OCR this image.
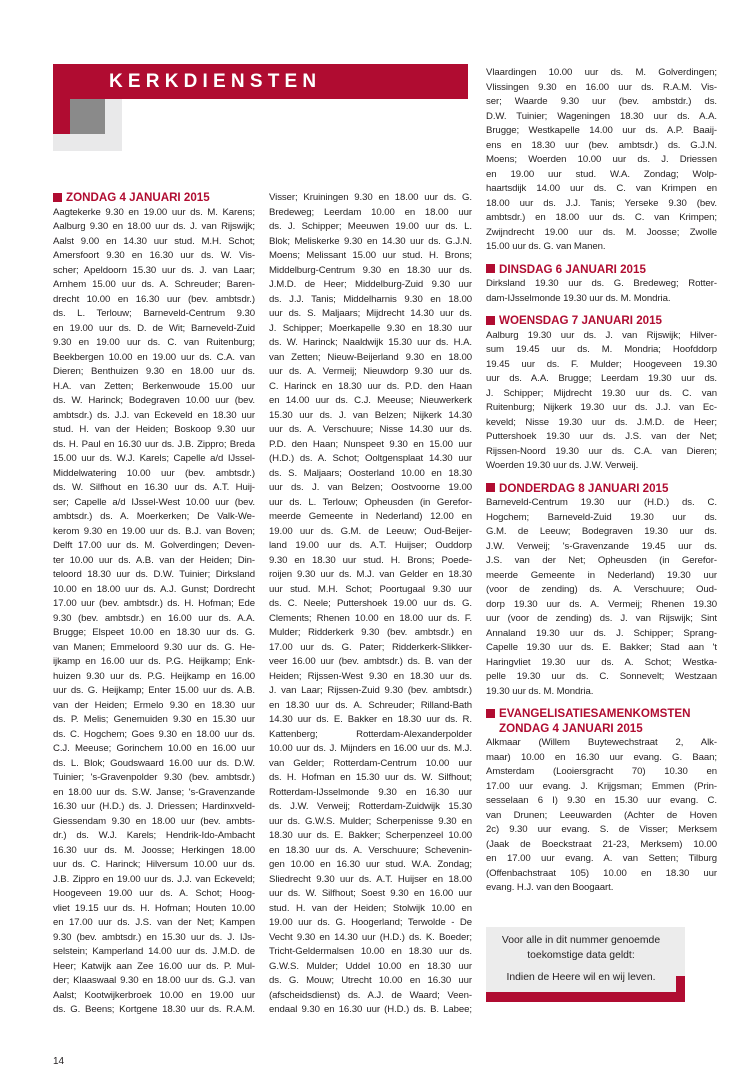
KERKDIENSTEN
ZONDAG 4 JANUARI 2015
Aagtekerke 9.30 en 19.00 uur ds. M. Karens;
Aalburg 9.30 en 18.00 uur ds. J. van Rijswijk;
Aalst 9.00 en 14.30 uur stud. M.H. Schot;
Amersfoort 9.30 en 16.30 uur ds. W. Vis-
scher; Apeldoorn 15.30 uur ds. J. van Laar;
Arnhem 15.00 uur ds. A. Schreuder; Baren-
drecht 10.00 en 16.30 uur (bev. ambtsdr.)
ds. L. Terlouw; Barneveld-Centrum 9.30
en 19.00 uur ds. D. de Wit; Barneveld-Zuid
9.30 en 19.00 uur ds. C. van Ruitenburg;
Beekbergen 10.00 en 19.00 uur ds. C.A. van
Dieren; Benthuizen 9.30 en 18.00 uur ds.
H.A. van Zetten; Berkenwoude 15.00 uur
ds. W. Harinck; Bodegraven 10.00 uur (bev.
ambtsdr.) ds. J.J. van Eckeveld en 18.30 uur
stud. H. van der Heiden; Boskoop 9.30 uur
ds. H. Paul en 16.30 uur ds. J.B. Zippro; Breda
15.00 uur ds. W.J. Karels; Capelle a/d IJssel-
Middelwatering 10.00 uur (bev. ambtsdr.)
ds. W. Silfhout en 16.30 uur ds. A.T. Huij-
ser; Capelle a/d IJssel-West 10.00 uur (bev.
ambtsdr.) ds. A. Moerkerken; De Valk-We-
kerom 9.30 en 19.00 uur ds. B.J. van Boven;
Delft 17.00 uur ds. M. Golverdingen; Deven-
ter 10.00 uur ds. A.B. van der Heiden; Din-
teloord 18.30 uur ds. D.W. Tuinier; Dirksland
10.00 en 18.00 uur ds. A.J. Gunst; Dordrecht
17.00 uur (bev. ambtsdr.) ds. H. Hofman; Ede
9.30 (bev. ambtsdr.) en 16.00 uur ds. A.A.
Brugge; Elspeet 10.00 en 18.30 uur ds. G.
van Manen; Emmeloord 9.30 uur ds. G. He-
ijkamp en 16.00 uur ds. P.G. Heijkamp; Enk-
huizen 9.30 uur ds. P.G. Heijkamp en 16.00
uur ds. G. Heijkamp; Enter 15.00 uur ds. A.B.
van der Heiden; Ermelo 9.30 en 18.30 uur
ds. P. Melis; Genemuiden 9.30 en 15.30 uur
ds. C. Hogchem; Goes 9.30 en 18.00 uur ds.
C.J. Meeuse; Gorinchem 10.00 en 16.00 uur
ds. L. Blok; Goudswaard 16.00 uur ds. D.W.
Tuinier; 's-Gravenpolder 9.30 (bev. ambtsdr.)
en 18.00 uur ds. S.W. Janse; 's-Gravenzande
16.30 uur (H.D.) ds. J. Driessen; Hardinxveld-
Giessendam 9.30 en 18.00 uur (bev. ambts-
dr.) ds. W.J. Karels; Hendrik-Ido-Ambacht
16.30 uur ds. M. Joosse; Herkingen 18.00
uur ds. C. Harinck; Hilversum 10.00 uur ds.
J.B. Zippro en 19.00 uur ds. J.J. van Eckeveld;
Hoogeveen 19.00 uur ds. A. Schot; Hoog-
vliet 19.15 uur ds. H. Hofman; Houten 10.00
en 17.00 uur ds. J.S. van der Net; Kampen
9.30 (bev. ambtsdr.) en 15.30 uur ds. J. IJs-
selstein; Kamperland 14.00 uur ds. J.M.D. de
Heer; Katwijk aan Zee 16.00 uur ds. P. Mul-
der; Klaaswaal 9.30 en 18.00 uur ds. G.J. van
Aalst; Kootwijkerbroek 10.00 en 19.00 uur
ds. G. Beens; Kortgene 18.30 uur ds. R.A.M.
Visser; Kruiningen 9.30 en 18.00 uur ds. G.
Bredeweg; Leerdam 10.00 en 18.00 uur
ds. J. Schipper; Meeuwen 19.00 uur ds. L.
Blok; Meliskerke 9.30 en 14.30 uur ds. G.J.N.
Moens; Melissant 15.00 uur stud. H. Brons;
Middelburg-Centrum 9.30 en 18.30 uur ds.
J.M.D. de Heer; Middelburg-Zuid 9.30 uur
ds. J.J. Tanis; Middelharnis 9.30 en 18.00
uur ds. S. Maljaars; Mijdrecht 14.30 uur ds.
J. Schipper; Moerkapelle 9.30 en 18.30 uur
ds. W. Harinck; Naaldwijk 15.30 uur ds. H.A.
van Zetten; Nieuw-Beijerland 9.30 en 18.00
uur ds. A. Vermeij; Nieuwdorp 9.30 uur ds.
C. Harinck en 18.30 uur ds. P.D. den Haan
en 14.00 uur ds. C.J. Meeuse; Nieuwerkerk
15.30 uur ds. J. van Belzen; Nijkerk 14.30
uur ds. A. Verschuure; Nisse 14.30 uur ds.
P.D. den Haan; Nunspeet 9.30 en 15.00 uur
(H.D.) ds. A. Schot; Ooltgensplaat 14.30 uur
ds. S. Maljaars; Oosterland 10.00 en 18.30
uur ds. J. van Belzen; Oostvoorne 19.00
uur ds. L. Terlouw; Opheusden (in Gerefor-
meerde Gemeente in Nederland) 12.00 en
19.00 uur ds. G.M. de Leeuw; Oud-Beijer-
land 19.00 uur ds. A.T. Huijser; Ouddorp
9.30 en 18.30 uur stud. H. Brons; Poede-
roijen 9.30 uur ds. M.J. van Gelder en 18.30
uur stud. M.H. Schot; Poortugaal 9.30 uur
ds. C. Neele; Puttershoek 19.00 uur ds. G.
Clements; Rhenen 10.00 en 18.00 uur ds. F.
Mulder; Ridderkerk 9.30 (bev. ambtsdr.) en
17.00 uur ds. G. Pater; Ridderkerk-Slikker-
veer 16.00 uur (bev. ambtsdr.) ds. B. van der
Heiden; Rijssen-West 9.30 en 18.30 uur ds.
J. van Laar; Rijssen-Zuid 9.30 (bev. ambtsdr.)
en 18.30 uur ds. A. Schreuder; Rilland-Bath
14.30 uur ds. E. Bakker en 18.30 uur ds. R.
Kattenberg; Rotterdam-Alexanderpolder
10.00 uur ds. J. Mijnders en 16.00 uur ds. M.J.
van Gelder; Rotterdam-Centrum 10.00 uur
ds. H. Hofman en 15.30 uur ds. W. Silfhout;
Rotterdam-IJsselmonde 9.30 en 16.30 uur
ds. J.W. Verweij; Rotterdam-Zuidwijk 15.30
uur ds. G.W.S. Mulder; Scherpenisse 9.30 en
18.30 uur ds. E. Bakker; Scherpenzeel 10.00
en 18.30 uur ds. A. Verschuure; Schevenin-
gen 10.00 en 16.30 uur stud. W.A. Zondag;
Sliedrecht 9.30 uur ds. A.T. Huijser en 18.00
uur ds. W. Silfhout; Soest 9.30 en 16.00 uur
stud. H. van der Heiden; Stolwijk 10.00 en
19.00 uur ds. G. Hoogerland; Terwolde - De
Vecht 9.30 en 14.30 uur (H.D.) ds. K. Boeder;
Tricht-Geldermalsen 10.00 en 18.30 uur ds.
G.W.S. Mulder; Uddel 10.00 en 18.30 uur
ds. G. Mouw; Utrecht 10.00 en 16.30 uur
(afscheidsdienst) ds. A.J. de Waard; Veen-
endaal 9.30 en 16.30 uur (H.D.) ds. B. Labee;
Vlaardingen 10.00 uur ds. M. Golverdingen;
Vlissingen 9.30 en 16.00 uur ds. R.A.M. Vis-
ser; Waarde 9.30 uur (bev. ambstdr.) ds.
D.W. Tuinier; Wageningen 18.30 uur ds. A.A.
Brugge; Westkapelle 14.00 uur ds. A.P. Baaij-
ens en 18.30 uur (bev. ambtsdr.) ds. G.J.N.
Moens; Woerden 10.00 uur ds. J. Driessen
en 19.00 uur stud. W.A. Zondag; Wolp-
haartsdijk 14.00 uur ds. C. van Krimpen en
18.00 uur ds. J.J. Tanis; Yerseke 9.30 (bev.
ambtsdr.) en 18.00 uur ds. C. van Krimpen;
Zwijndrecht 19.00 uur ds. M. Joosse; Zwolle
15.00 uur ds. G. van Manen.
DINSDAG 6 JANUARI 2015
Dirksland 19.30 uur ds. G. Bredeweg; Rotter-
dam-IJsselmonde 19.30 uur ds. M. Mondria.
WOENSDAG 7 JANUARI 2015
Aalburg 19.30 uur ds. J. van Rijswijk; Hilver-
sum 19.45 uur ds. M. Mondria; Hoofddorp
19.45 uur ds. F. Mulder; Hoogeveen 19.30
uur ds. A.A. Brugge; Leerdam 19.30 uur ds.
J. Schipper; Mijdrecht 19.30 uur ds. C. van
Ruitenburg; Nijkerk 19.30 uur ds. J.J. van Ec-
keveld; Nisse 19.30 uur ds. J.M.D. de Heer;
Puttershoek 19.30 uur ds. J.S. van der Net;
Rijssen-Noord 19.30 uur ds. C.A. van Dieren;
Woerden 19.30 uur ds. J.W. Verweij.
DONDERDAG 8 JANUARI 2015
Barneveld-Centrum 19.30 uur (H.D.) ds. C.
Hogchem; Barneveld-Zuid 19.30 uur ds.
G.M. de Leeuw; Bodegraven 19.30 uur ds.
J.W. Verweij; 's-Gravenzande 19.45 uur ds.
J.S. van der Net; Opheusden (in Gerefor-
meerde Gemeente in Nederland) 19.30 uur
(voor de zending) ds. A. Verschuure; Oud-
dorp 19.30 uur ds. A. Vermeij; Rhenen 19.30
uur (voor de zending) ds. J. van Rijswijk; Sint
Annaland 19.30 uur ds. J. Schipper; Sprang-
Capelle 19.30 uur ds. E. Bakker; Stad aan 't
Haringvliet 19.30 uur ds. A. Schot; Westka-
pelle 19.30 uur ds. C. Sonnevelt; Westzaan
19.30 uur ds. M. Mondria.
EVANGELISATIESAMENKOMSTEN
ZONDAG 4 JANUARI 2015
Alkmaar (Willem Buytewechstraat 2, Alk-
maar) 10.00 en 16.30 uur evang. G. Baan;
Amsterdam (Looiersgracht 70) 10.30 en
17.00 uur evang. J. Krijgsman; Emmen (Prin-
sesselaan 6 I) 9.30 en 15.30 uur evang. C.
van Drunen; Leeuwarden (Achter de Hoven
2c) 9.30 uur evang. S. de Visser; Merksem
(Jaak de Boeckstraat 21-23, Merksem) 10.00
en 17.00 uur evang. A. van Setten; Tilburg
(Offenbachstraat 105) 10.00 en 18.30 uur
evang. H.J. van den Boogaart.
Voor alle in dit nummer genoemde
toekomstige data geldt:
Indien de Heere wil en wij leven.
14
